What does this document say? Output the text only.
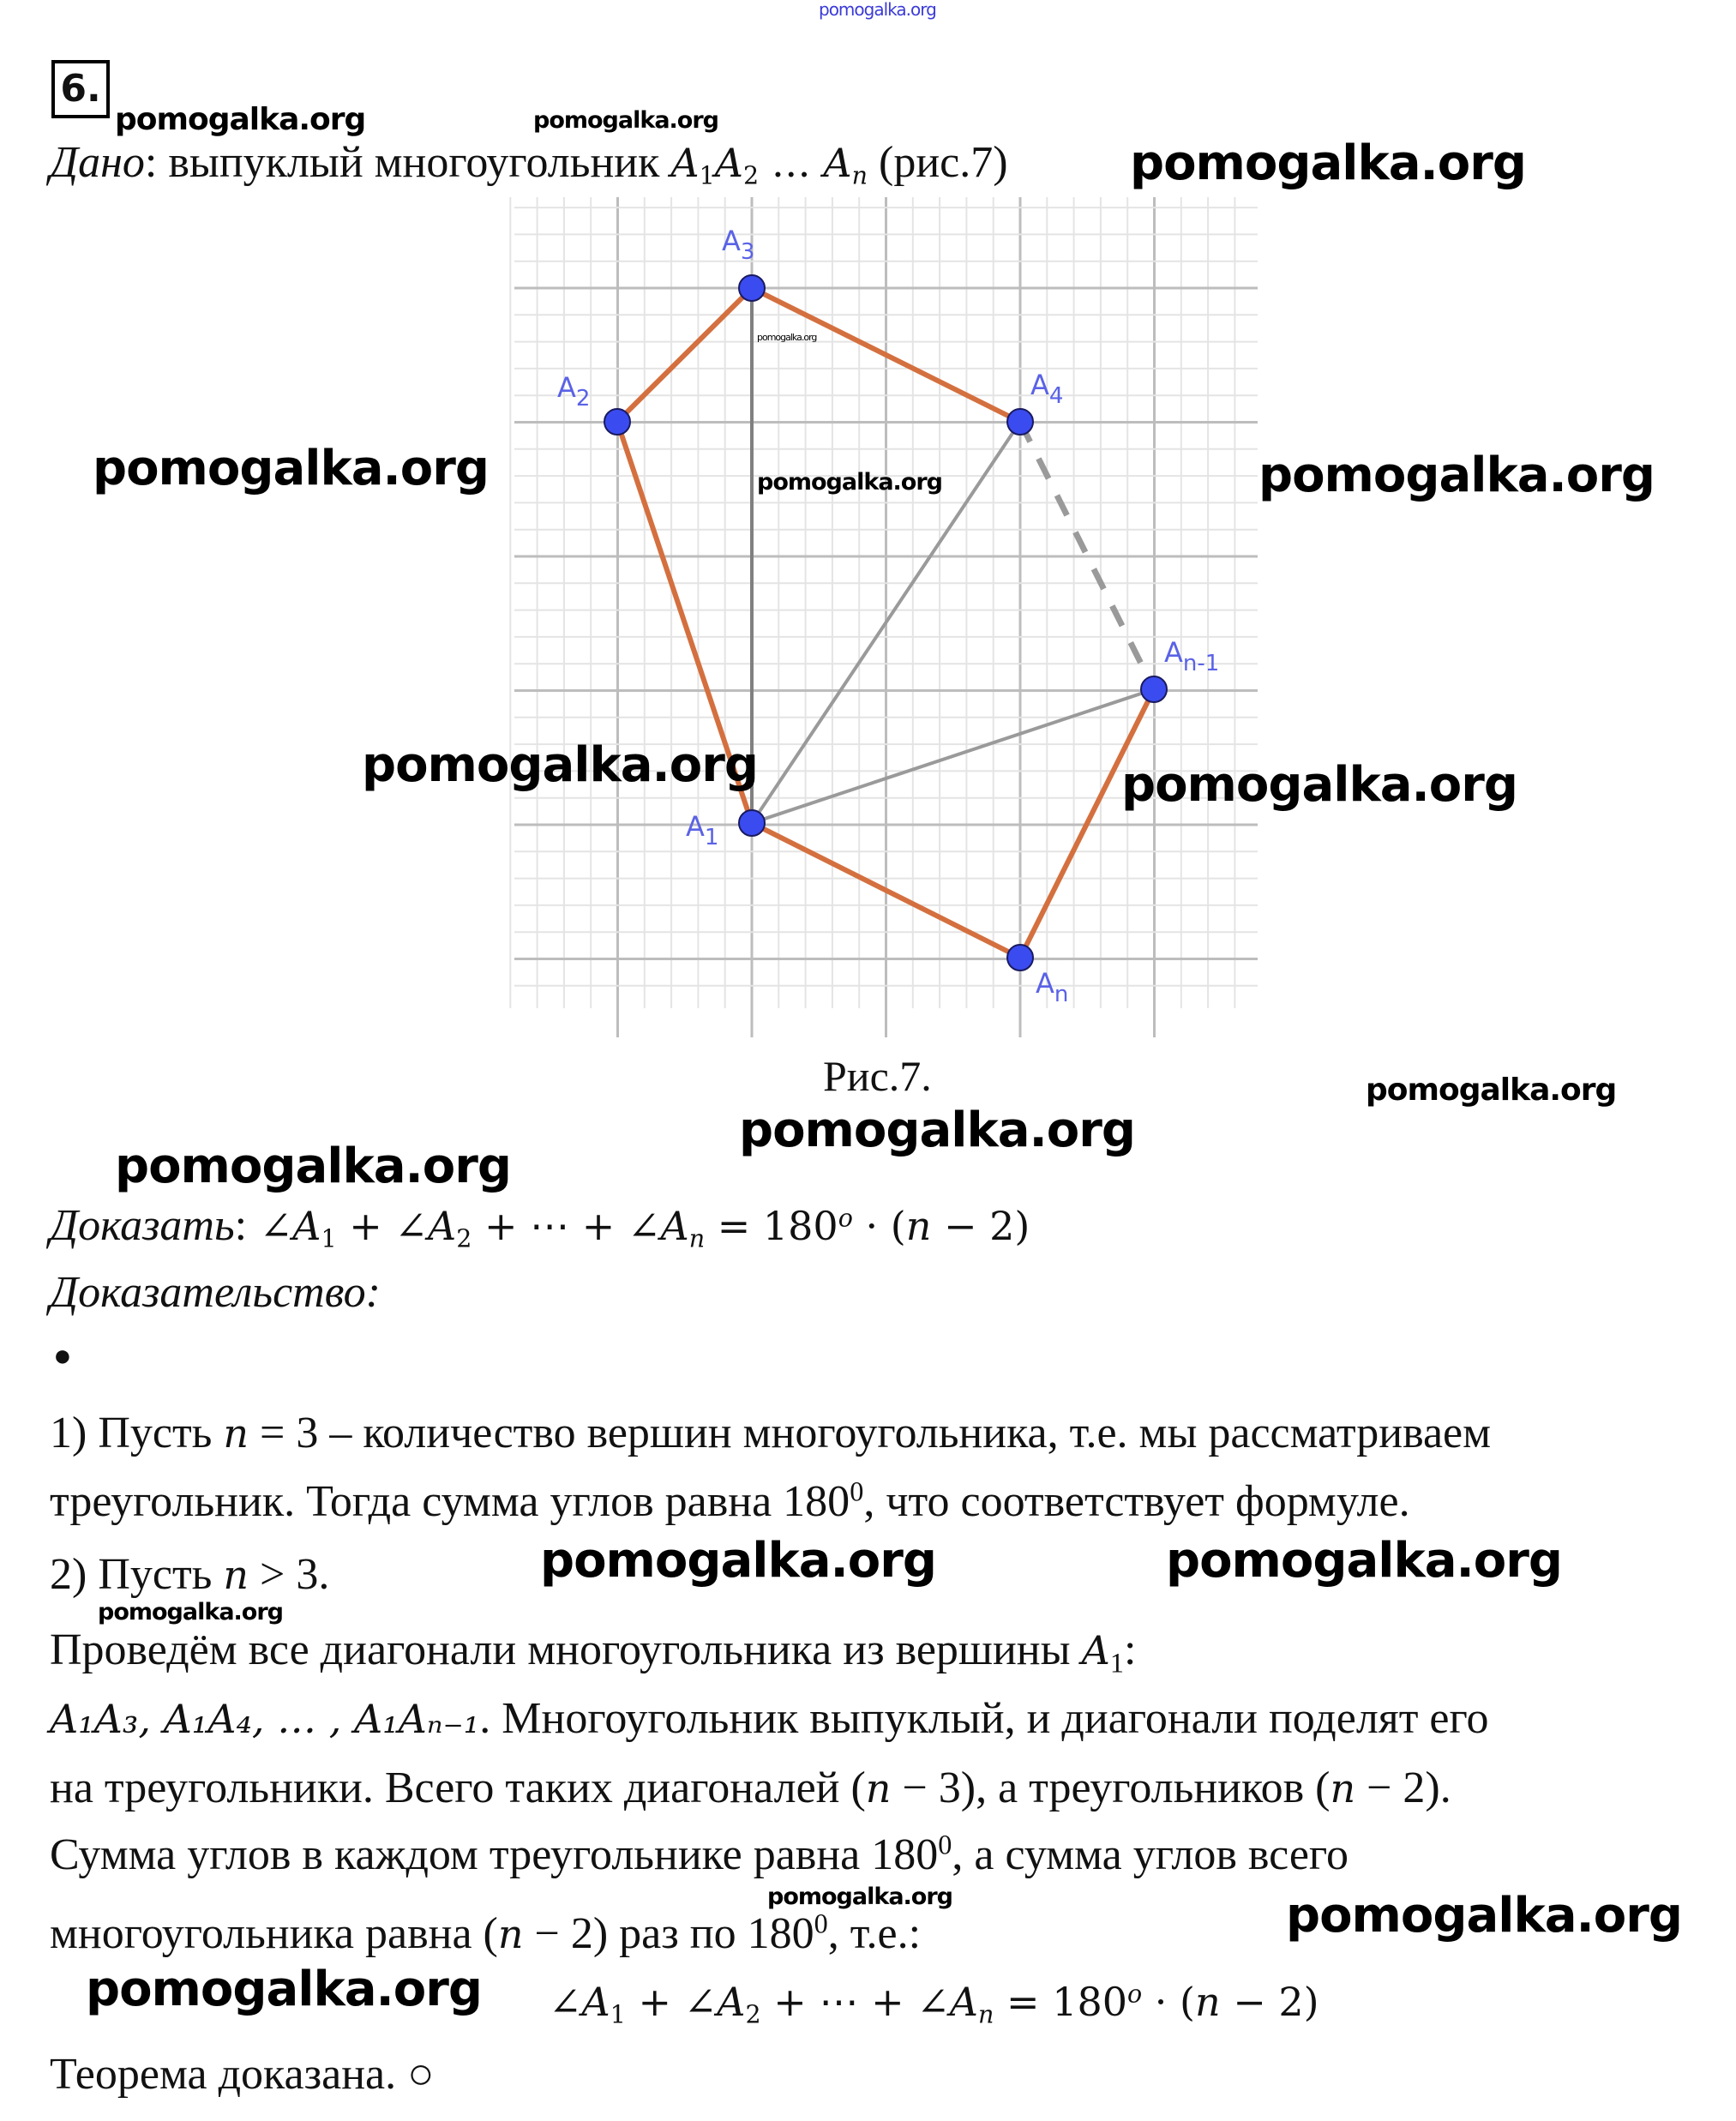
pomogalka.org
6.
pomogalka.org	pomogalka.org
Дано: выпуклый многоугольник $A_1A_2$ … $A_n$ (рис.7)	pomogalka.org
$A_3$
$A_2$	$A_4$
$A_{n-1}$
$A_1$
$A_n$
pomogalka.org
pomogalka.org
pomogalka.org	pomogalka.org
pomogalka.org	pomogalka.org
Рис.7.	pomogalka.org
pomogalka.org
pomogalka.org
Доказать: $\angle A_1$ + $\angle A_2$ + ⋯ + $\angle A_n = 180^o \cdot (n - 2)$
Доказательство:
●
1) Пусть n = 3 – количество вершин многоугольника, т.е. мы рассматриваем
треугольник. Тогда сумма углов равна $180^0$, что соответствует формуле.
2) Пусть n > 3.	pomogalka.org	pomogalka.org
pomogalka.org
Проведём все диагонали многоугольника из вершины $A_1$:
A₁A₃, A₁A₄, … , A₁Aₙ₋₁. Многоугольник выпуклый, и диагонали поделят его
на треугольники. Всего таких диагоналей (n − 3), а треугольников (n − 2).
Сумма углов в каждом треугольнике равна $180^0$, а сумма углов всего
pomogalka.org	pomogalka.org
многоугольника равна (n − 2) раз по $180^0$, т.е.:
pomogalka.org $\angle A_1$ + $\angle A_2$ + ⋯ + $\angle A_n = 180^o \cdot (n - 2)$
Теорема доказана. ○
